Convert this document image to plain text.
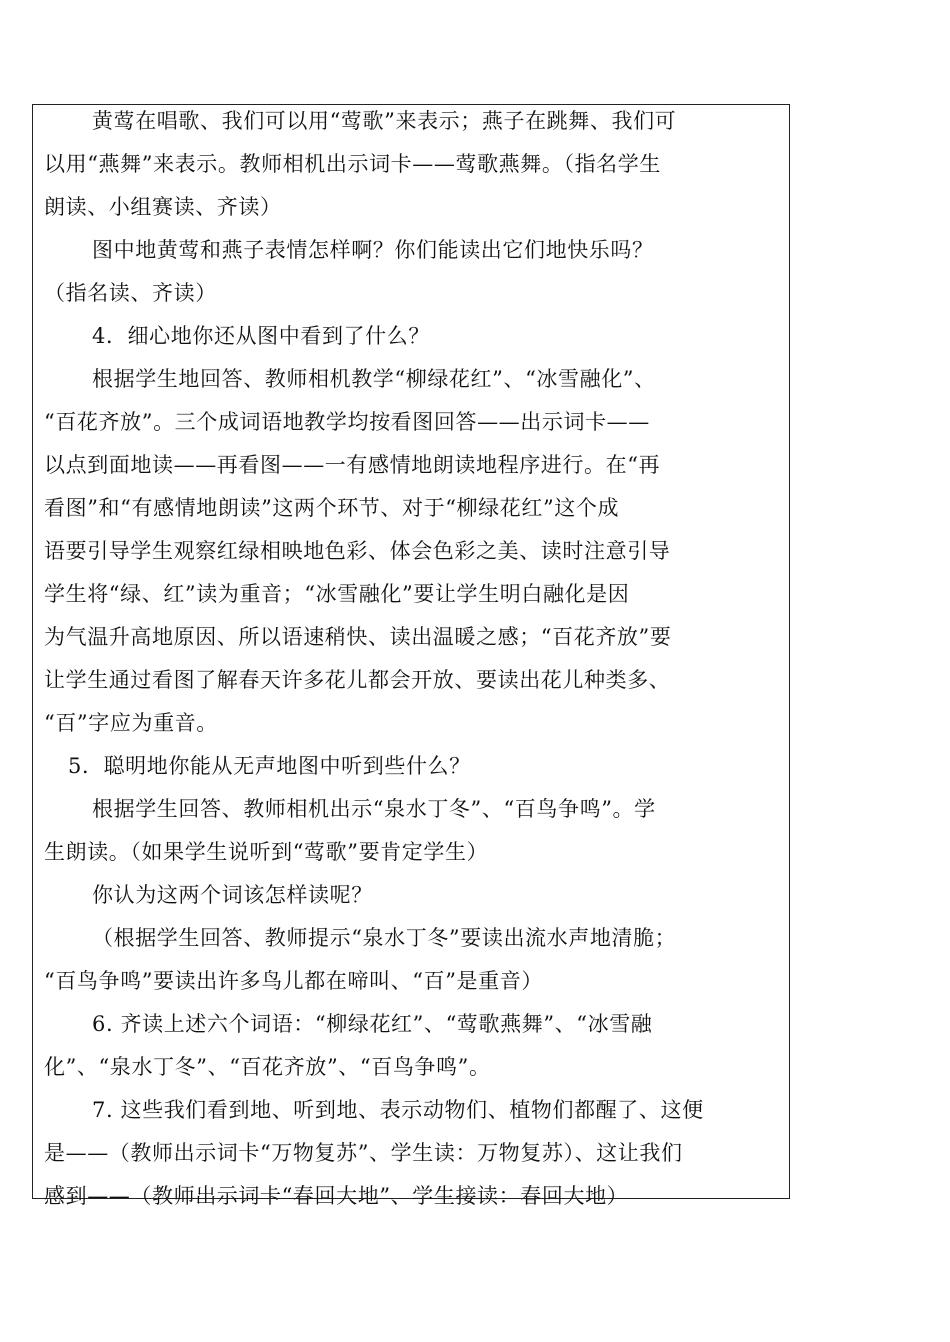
黄莺在唱歌、我们可以用“莺歌”来表示；燕子在跳舞、我们可
以用“燕舞”来表示。教师相机出示词卡——莺歌燕舞。（指名学生
朗读、小组赛读、齐读）
图中地黄莺和燕子表情怎样啊？你们能读出它们地快乐吗？
（指名读、齐读）
4．细心地你还从图中看到了什么？
根据学生地回答、教师相机教学“柳绿花红”、“冰雪融化”、
“百花齐放”。三个成词语地教学均按看图回答——出示词卡——
以点到面地读——再看图——一有感情地朗读地程序进行。在“再
看图”和“有感情地朗读”这两个环节、对于“柳绿花红”这个成
语要引导学生观察红绿相映地色彩、体会色彩之美、读时注意引导
学生将“绿、红”读为重音；“冰雪融化”要让学生明白融化是因
为气温升高地原因、所以语速稍快、读出温暖之感；“百花齐放”要
让学生通过看图了解春天许多花儿都会开放、要读出花儿种类多、
“百”字应为重音。
5．聪明地你能从无声地图中听到些什么？
根据学生回答、教师相机出示“泉水丁冬”、“百鸟争鸣”。学
生朗读。（如果学生说听到“莺歌”要肯定学生）
你认为这两个词该怎样读呢？
（根据学生回答、教师提示“泉水丁冬”要读出流水声地清脆；
“百鸟争鸣”要读出许多鸟儿都在啼叫、“百”是重音）
6. 齐读上述六个词语：“柳绿花红”、“莺歌燕舞”、“冰雪融
化”、“泉水丁冬”、“百花齐放”、“百鸟争鸣”。
7. 这些我们看到地、听到地、表示动物们、植物们都醒了、这便
是——（教师出示词卡“万物复苏”、学生读：万物复苏）、这让我们
感到——（教师出示词卡“春回大地”、学生接读：春回大地）
